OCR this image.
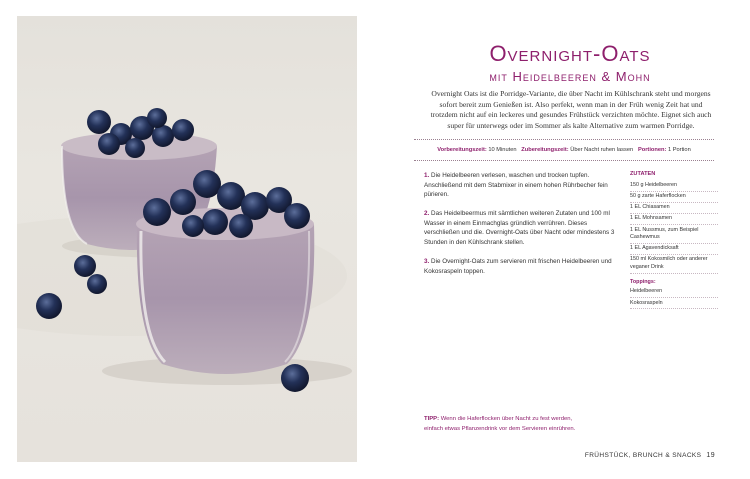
Overnight-Oats
mit Heidelbeeren & Mohn
Overnight Oats ist die Porridge-Variante, die über Nacht im Kühlschrank steht und morgens sofort bereit zum Genießen ist. Also perfekt, wenn man in der Früh wenig Zeit hat und trotzdem nicht auf ein leckeres und gesundes Frühstück verzichten möchte. Eignet sich auch super für unterwegs oder im Sommer als kalte Alternative zum warmen Porridge.
Vorbereitungszeit: 10 Minuten Zubereitungszeit: Über Nacht ruhen lassen Portionen: 1 Portion

1. Die Heidelbeeren verlesen, waschen und trocken tupfen. Anschließend mit dem Stabmixer in einem hohen Rührbecher fein pürieren.

2. Das Heidelbeermus mit sämtlichen weiteren Zutaten und 100 ml Wasser in einem Einmachglas gründlich verrühren. Dieses verschließen und die. Overnight-Oats über Nacht oder mindestens 3 Stunden in den Kühlschrank stellen.

3. Die Overnight-Oats zum servieren mit frischen Heidelbeeren und Kokosraspeln toppen.

ZUTATEN
150 g Heidelbeeren
50 g zarte Haferflocken
1 EL Chiasamen
1 EL Mohnsamen
1 EL Nussmus, zum Beispiel Cashewmus
1 EL Agavendicksaft
150 ml Kokosmilch oder anderer veganer Drink
Toppings:
Heidelbeeren
Kokosraspeln
TIPP: Wenn die Haferflocken über Nacht zu fest werden,
einfach etwas Pflanzendrink vor dem Servieren einrühren.
FRÜHSTÜCK, BRUNCH & SNACKS 19
